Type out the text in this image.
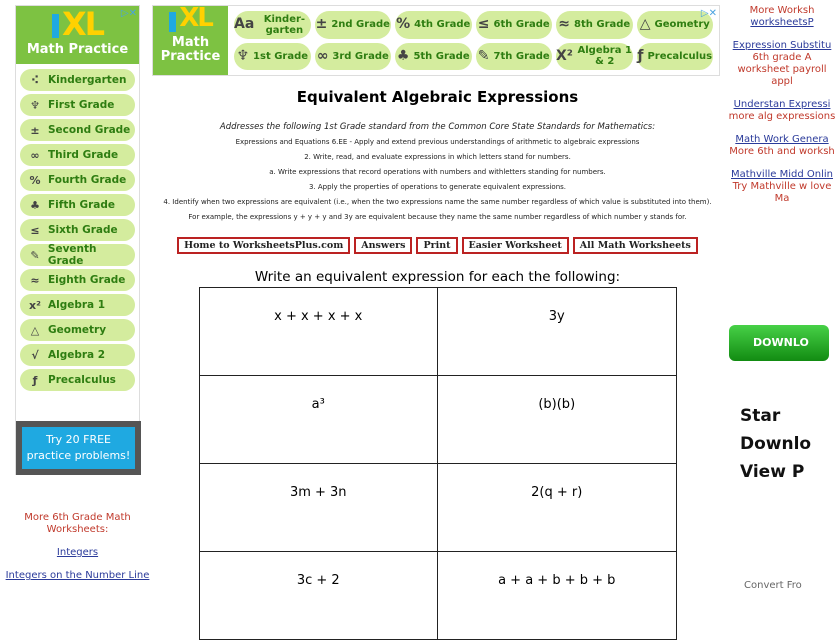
▷✕
XL
Math Practice
⠪ Kindergarten
♆ First Grade
± Second Grade
∞ Third Grade
% Fourth Grade
♣ Fifth Grade
≤ Sixth Grade
✎ Seventh Grade
≈ Eighth Grade
x² Algebra 1
△ Geometry
√ Algebra 2
ƒ	Precalculus
Try 20 FREE
practice problems!
XL
Math
Practice
Aa Kinder-garten ± 2nd Grade % 4th Grade ≤ 6th Grade ≈ 8th Grade △ Geometry
♆ 1st Grade ∞ 3rd Grade ♣ 5th Grade ✎ 7th Grade X² Algebra 1 & 2	ƒ Precalculus
▷✕
Equivalent Algebraic Expressions
Addresses the following 1st Grade standard from the Common Core State Standards for Mathematics:
Expressions and Equations 6.EE - Apply and extend previous understandings of arithmetic to algebraic expressions
2. Write, read, and evaluate expressions in which letters stand for numbers.
a. Write expressions that record operations with numbers and withletters standing for numbers.
3. Apply the properties of operations to generate equivalent expressions.
4. Identify when two expressions are equivalent (i.e., when the two expressions name the same number regardless of which value is substituted into them).
For example, the expressions y + y + y and 3y are equivalent because they name the same number regardless of which number y stands for.
Home to WorksheetsPlus.com	Answers	Print	Easier Worksheet	All Math Worksheets
Write an equivalent expression for each the following:
x + x + x + x	3y
a³	(b)(b)
3m + 3n	2(q + r)
3c + 2	a + a + b + b + b
More 6th Grade Math Worksheets:
Integers
Integers on the Number Line
More Worksh
worksheetsP
Expression Substitu
6th grade A worksheet payroll appl
Understan Expressi
more alg expressions
Math Work Genera
More 6th and worksh
Mathville Midd Onlin
Try Mathville w love Ma
DOWNLO
Star Downlo View P
Convert Fro
